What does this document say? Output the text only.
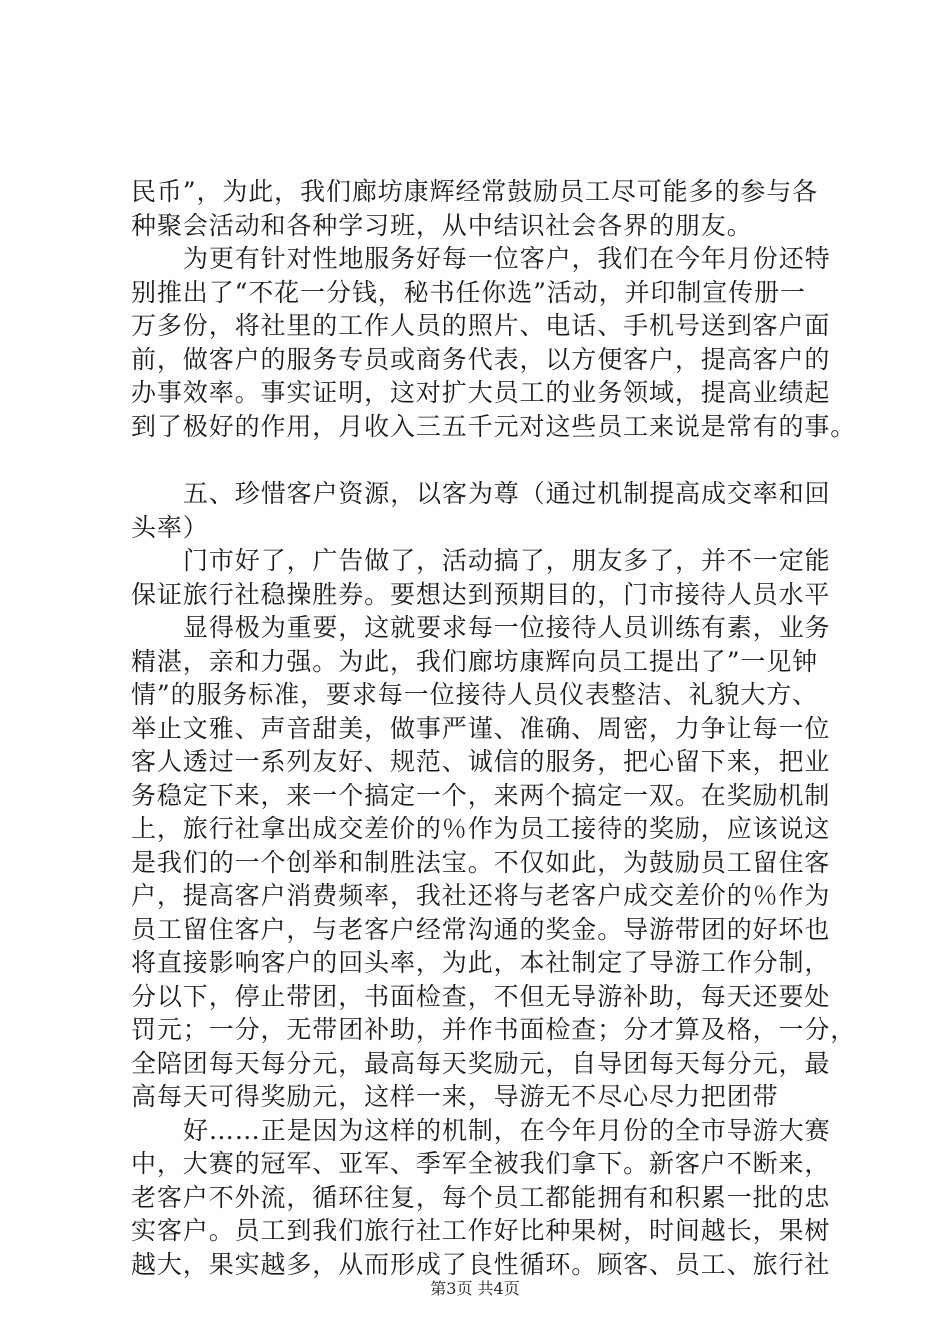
民币”，为此，我们廊坊康辉经常鼓励员工尽可能多的参与各
种聚会活动和各种学习班，从中结识社会各界的朋友。
为更有针对性地服务好每一位客户，我们在今年月份还特
别推出了“不花一分钱，秘书任你选”活动，并印制宣传册一
万多份，将社里的工作人员的照片、电话、手机号送到客户面
前，做客户的服务专员或商务代表，以方便客户，提高客户的
办事效率。事实证明，这对扩大员工的业务领域，提高业绩起
到了极好的作用，月收入三五千元对这些员工来说是常有的事。
五、珍惜客户资源，以客为尊（通过机制提高成交率和回
头率）
门市好了，广告做了，活动搞了，朋友多了，并不一定能
保证旅行社稳操胜券。要想达到预期目的，门市接待人员水平
显得极为重要，这就要求每一位接待人员训练有素，业务
精湛，亲和力强。为此，我们廊坊康辉向员工提出了”一见钟
情”的服务标准，要求每一位接待人员仪表整洁、礼貌大方、
举止文雅、声音甜美，做事严谨、准确、周密，力争让每一位
客人透过一系列友好、规范、诚信的服务，把心留下来，把业
务稳定下来，来一个搞定一个，来两个搞定一双。在奖励机制
上，旅行社拿出成交差价的％作为员工接待的奖励，应该说这
是我们的一个创举和制胜法宝。不仅如此，为鼓励员工留住客
户，提高客户消费频率，我社还将与老客户成交差价的％作为
员工留住客户，与老客户经常沟通的奖金。导游带团的好坏也
将直接影响客户的回头率，为此，本社制定了导游工作分制，
分以下，停止带团，书面检查，不但无导游补助，每天还要处
罚元；一分，无带团补助，并作书面检查；分才算及格，一分，
全陪团每天每分元，最高每天奖励元，自导团每天每分元，最
高每天可得奖励元，这样一来，导游无不尽心尽力把团带
好……正是因为这样的机制，在今年月份的全市导游大赛
中，大赛的冠军、亚军、季军全被我们拿下。新客户不断来，
老客户不外流，循环往复，每个员工都能拥有和积累一批的忠
实客户。员工到我们旅行社工作好比种果树，时间越长，果树
越大，果实越多，从而形成了良性循环。顾客、员工、旅行社
第3页 共4页
